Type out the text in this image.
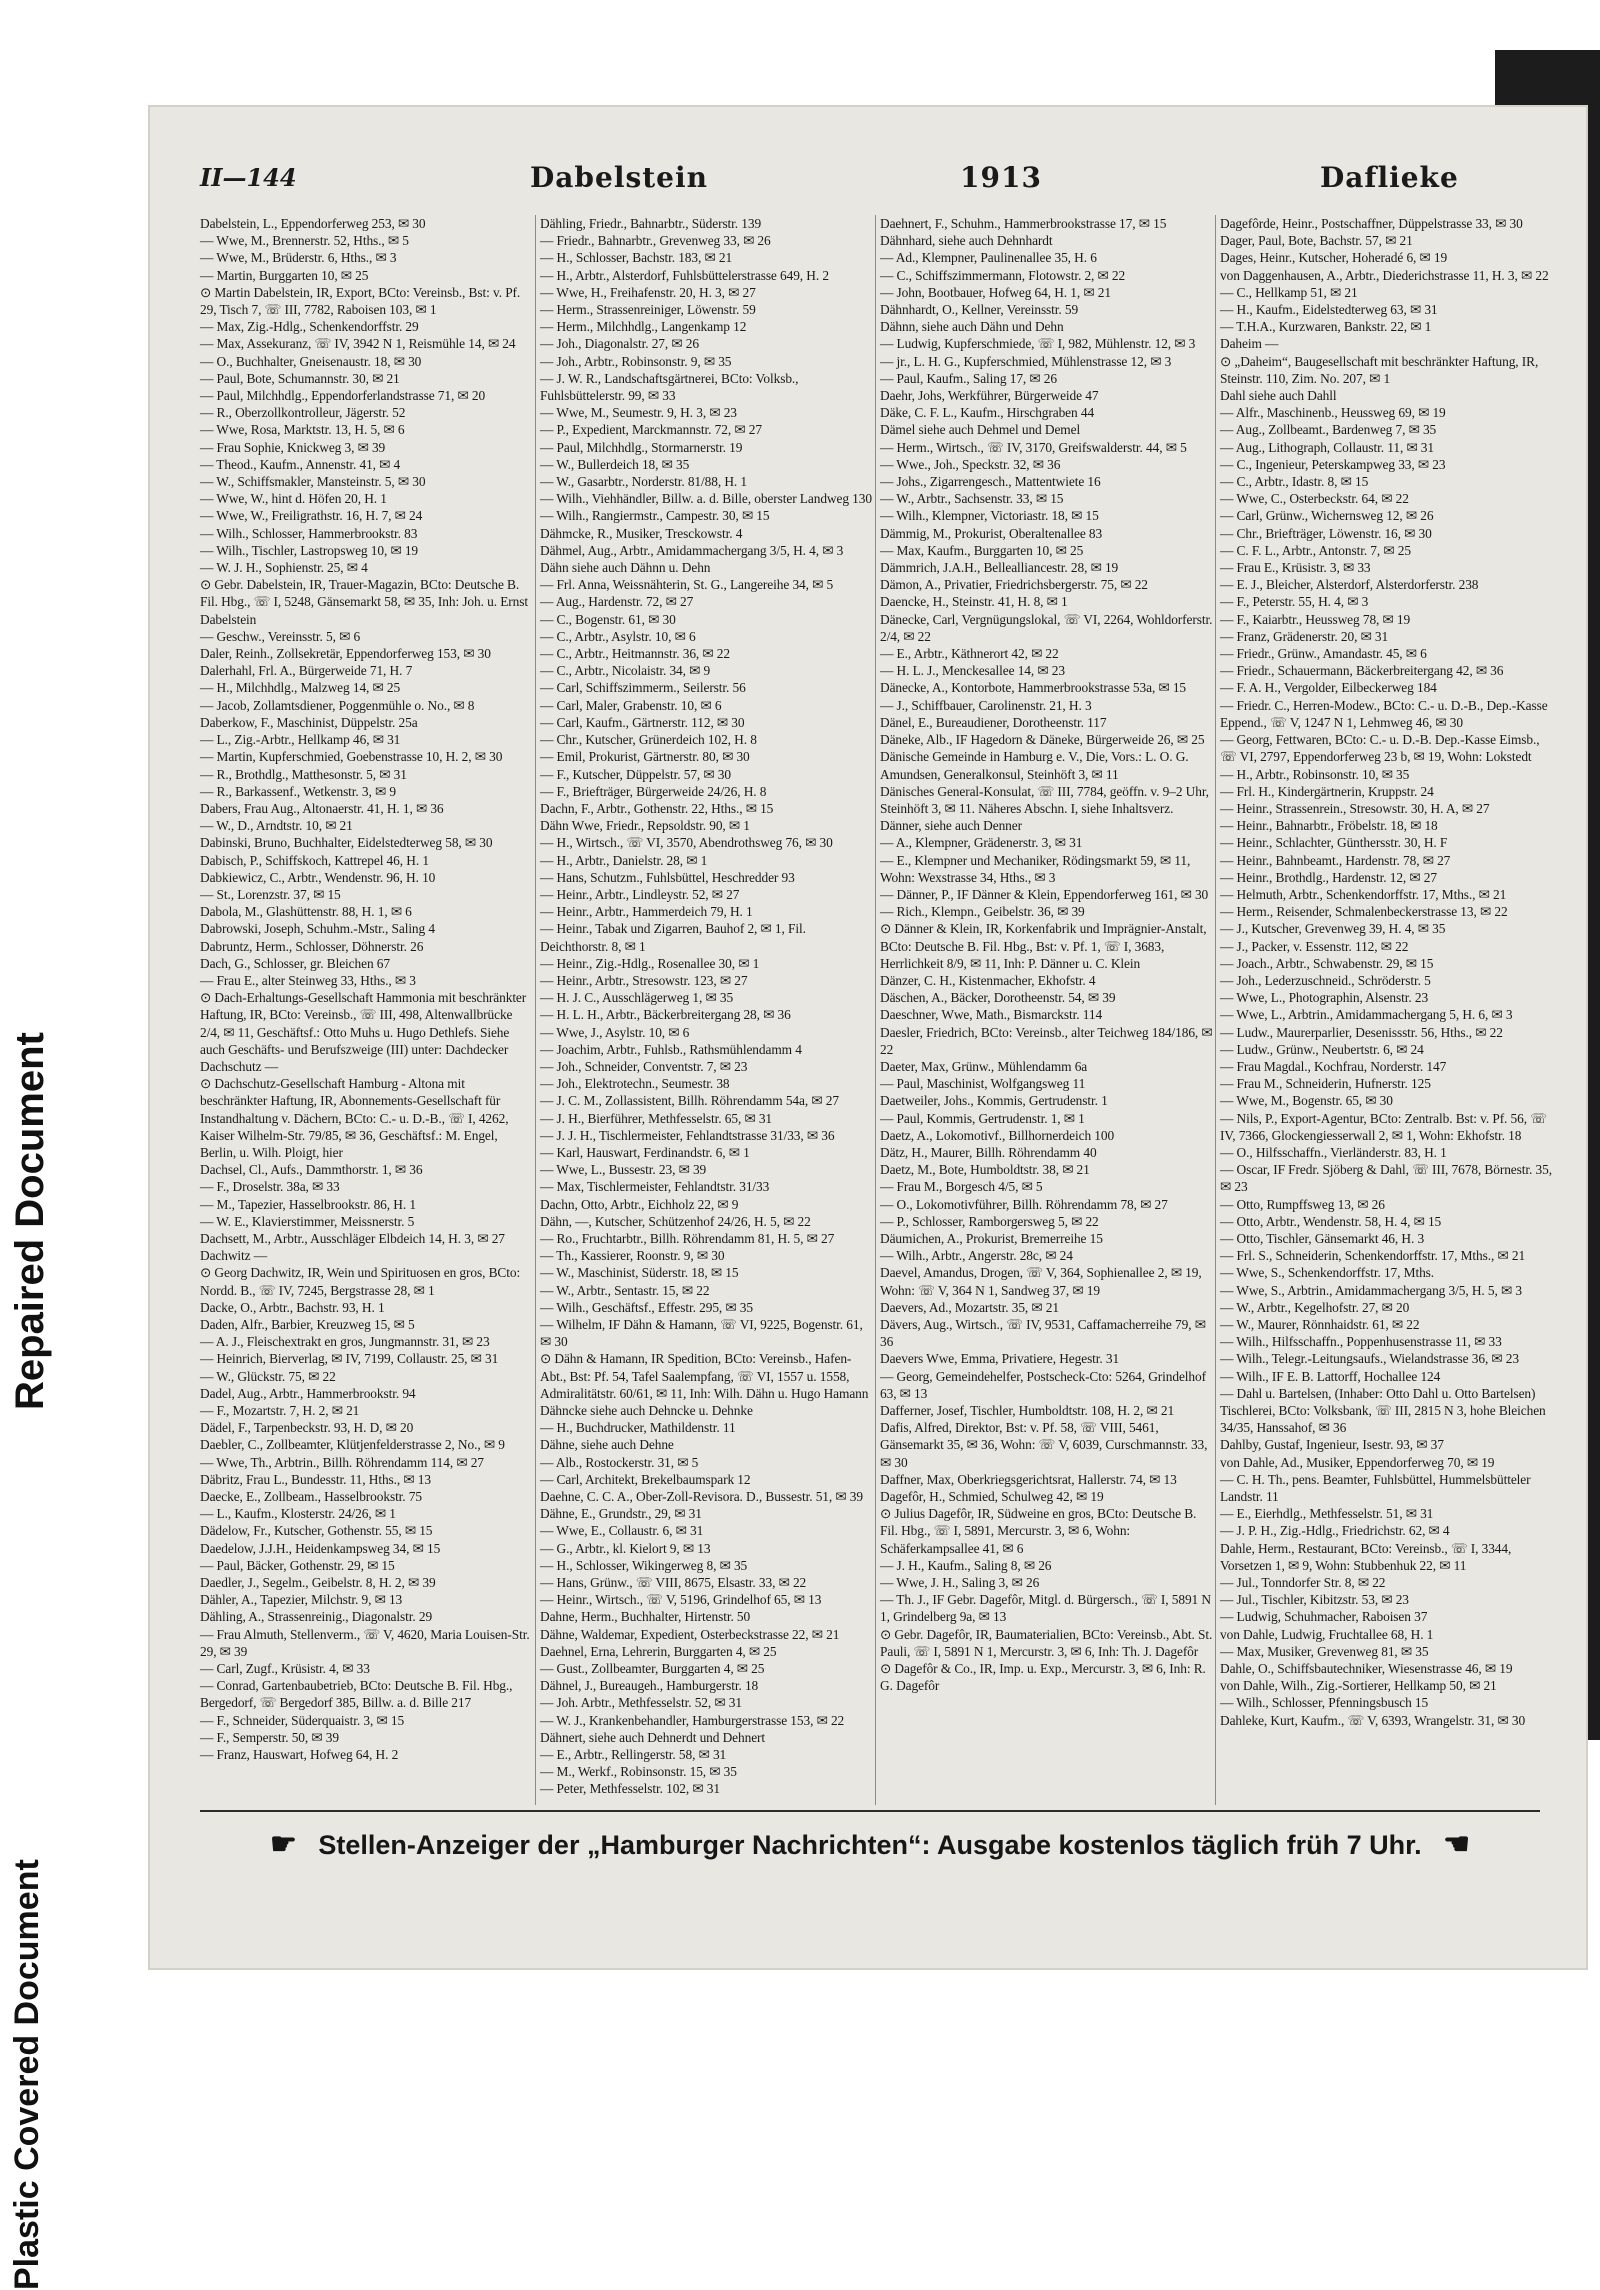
Repaired Document
Plastic Covered Document
II—144	Dabelstein	1913	Daflieke

Dabelstein, L., Eppendorferweg 253, ✉ 30

— Wwe, M., Brennerstr. 52, Hths., ✉ 5

— Wwe, M., Brüderstr. 6, Hths., ✉ 3

— Martin, Burggarten 10, ✉ 25

⊙ Martin Dabelstein, IR, Export, BCto: Vereinsb., Bst: v. Pf. 29, Tisch 7, ☏ III, 7782, Raboisen 103, ✉ 1

— Max, Zig.-Hdlg., Schenkendorffstr. 29

— Max, Assekuranz, ☏ IV, 3942 N 1, Reismühle 14, ✉ 24

— O., Buchhalter, Gneisenaustr. 18, ✉ 30

— Paul, Bote, Schumannstr. 30, ✉ 21

— Paul, Milchhdlg., Eppendorferlandstrasse 71, ✉ 20

— R., Oberzollkontrolleur, Jägerstr. 52

— Wwe, Rosa, Marktstr. 13, H. 5, ✉ 6

— Frau Sophie, Knickweg 3, ✉ 39

— Theod., Kaufm., Annenstr. 41, ✉ 4

— W., Schiffsmakler, Mansteinstr. 5, ✉ 30

— Wwe, W., hint d. Höfen 20, H. 1

— Wwe, W., Freiligrathstr. 16, H. 7, ✉ 24

— Wilh., Schlosser, Hammerbrookstr. 83

— Wilh., Tischler, Lastropsweg 10, ✉ 19

— W. J. H., Sophienstr. 25, ✉ 4

⊙ Gebr. Dabelstein, IR, Trauer-Magazin, BCto: Deutsche B. Fil. Hbg., ☏ I, 5248, Gänsemarkt 58, ✉ 35, Inh: Joh. u. Ernst Dabelstein

— Geschw., Vereinsstr. 5, ✉ 6

Daler, Reinh., Zollsekretär, Eppendorferweg 153, ✉ 30

Dalerhahl, Frl. A., Bürgerweide 71, H. 7

— H., Milchhdlg., Malzweg 14, ✉ 25

— Jacob, Zollamtsdiener, Poggenmühle o. No., ✉ 8

Daberkow, F., Maschinist, Düppelstr. 25a

— L., Zig.-Arbtr., Hellkamp 46, ✉ 31

— Martin, Kupferschmied, Goebenstrasse 10, H. 2, ✉ 30

— R., Brothdlg., Matthesonstr. 5, ✉ 31

— R., Barkassenf., Wetkenstr. 3, ✉ 9

Dabers, Frau Aug., Altonaerstr. 41, H. 1, ✉ 36

— W., D., Arndtstr. 10, ✉ 21

Dabinski, Bruno, Buchhalter, Eidelstedterweg 58, ✉ 30

Dabisch, P., Schiffskoch, Kattrepel 46, H. 1

Dabkiewicz, C., Arbtr., Wendenstr. 96, H. 10

— St., Lorenzstr. 37, ✉ 15

Dabola, M., Glashüttenstr. 88, H. 1, ✉ 6

Dabrowski, Joseph, Schuhm.-Mstr., Saling 4

Dabruntz, Herm., Schlosser, Döhnerstr. 26

Dach, G., Schlosser, gr. Bleichen 67

— Frau E., alter Steinweg 33, Hths., ✉ 3

⊙ Dach-Erhaltungs-Gesellschaft Hammonia mit beschränkter Haftung, IR, BCto: Vereinsb., ☏ III, 498, Altenwallbrücke 2/4, ✉ 11, Geschäftsf.: Otto Muhs u. Hugo Dethlefs. Siehe auch Geschäfts- und Berufszweige (III) unter: Dachdecker

Dachschutz —

⊙ Dachschutz-Gesellschaft Hamburg - Altona mit beschränkter Haftung, IR, Abonnements-Gesellschaft für Instandhaltung v. Dächern, BCto: C.- u. D.-B., ☏ I, 4262, Kaiser Wilhelm-Str. 79/85, ✉ 36, Geschäftsf.: M. Engel, Berlin, u. Wilh. Ploigt, hier

Dachsel, Cl., Aufs., Dammthorstr. 1, ✉ 36

— F., Droselstr. 38a, ✉ 33

— M., Tapezier, Hasselbrookstr. 86, H. 1

— W. E., Klavierstimmer, Meissnerstr. 5

Dachsett, M., Arbtr., Ausschläger Elbdeich 14, H. 3, ✉ 27

Dachwitz —

⊙ Georg Dachwitz, IR, Wein und Spirituosen en gros, BCto: Nordd. B., ☏ IV, 7245, Bergstrasse 28, ✉ 1

Dacke, O., Arbtr., Bachstr. 93, H. 1

Daden, Alfr., Barbier, Kreuzweg 15, ✉ 5

— A. J., Fleischextrakt en gros, Jungmannstr. 31, ✉ 23

— Heinrich, Bierverlag, ✉ IV, 7199, Collaustr. 25, ✉ 31

— W., Glückstr. 75, ✉ 22

Dadel, Aug., Arbtr., Hammerbrookstr. 94

— F., Mozartstr. 7, H. 2, ✉ 21

Dädel, F., Tarpenbeckstr. 93, H. D, ✉ 20

Daebler, C., Zollbeamter, Klütjenfelderstrasse 2, No., ✉ 9

— Wwe, Th., Arbtrin., Billh. Röhrendamm 114, ✉ 27

Däbritz, Frau L., Bundesstr. 11, Hths., ✉ 13

Daecke, E., Zollbeam., Hasselbrookstr. 75

— L., Kaufm., Klosterstr. 24/26, ✉ 1

Dädelow, Fr., Kutscher, Gothenstr. 55, ✉ 15

Daedelow, J.J.H., Heidenkampsweg 34, ✉ 15

— Paul, Bäcker, Gothenstr. 29, ✉ 15

Daedler, J., Segelm., Geibelstr. 8, H. 2, ✉ 39

Dähler, A., Tapezier, Milchstr. 9, ✉ 13

Dähling, A., Strassenreinig., Diagonalstr. 29

— Frau Almuth, Stellenverm., ☏ V, 4620, Maria Louisen-Str. 29, ✉ 39

— Carl, Zugf., Krüsistr. 4, ✉ 33

— Conrad, Gartenbaubetrieb, BCto: Deutsche B. Fil. Hbg., Bergedorf, ☏ Bergedorf 385, Billw. a. d. Bille 217

— F., Schneider, Süderquaistr. 3, ✉ 15

— F., Semperstr. 50, ✉ 39

— Franz, Hauswart, Hofweg 64, H. 2

Dähling, Friedr., Bahnarbtr., Süderstr. 139

— Friedr., Bahnarbtr., Grevenweg 33, ✉ 26

— H., Schlosser, Bachstr. 183, ✉ 21

— H., Arbtr., Alsterdorf, Fuhlsbüttelerstrasse 649, H. 2

— Wwe, H., Freihafenstr. 20, H. 3, ✉ 27

— Herm., Strassenreiniger, Löwenstr. 59

— Herm., Milchhdlg., Langenkamp 12

— Joh., Diagonalstr. 27, ✉ 26

— Joh., Arbtr., Robinsonstr. 9, ✉ 35

— J. W. R., Landschaftsgärtnerei, BCto: Volksb., Fuhlsbüttelerstr. 99, ✉ 33

— Wwe, M., Seumestr. 9, H. 3, ✉ 23

— P., Expedient, Marckmannstr. 72, ✉ 27

— Paul, Milchhdlg., Stormarnerstr. 19

— W., Bullerdeich 18, ✉ 35

— W., Gasarbtr., Norderstr. 81/88, H. 1

— Wilh., Viehhändler, Billw. a. d. Bille, oberster Landweg 130

— Wilh., Rangiermstr., Campestr. 30, ✉ 15

Dähmcke, R., Musiker, Tresckowstr. 4

Dähmel, Aug., Arbtr., Amidammachergang 3/5, H. 4, ✉ 3

Dähn siehe auch Dähnn u. Dehn

— Frl. Anna, Weissnähterin, St. G., Langereihe 34, ✉ 5

— Aug., Hardenstr. 72, ✉ 27

— C., Bogenstr. 61, ✉ 30

— C., Arbtr., Asylstr. 10, ✉ 6

— C., Arbtr., Heitmannstr. 36, ✉ 22

— C., Arbtr., Nicolaistr. 34, ✉ 9

— Carl, Schiffszimmerm., Seilerstr. 56

— Carl, Maler, Grabenstr. 10, ✉ 6

— Carl, Kaufm., Gärtnerstr. 112, ✉ 30

— Chr., Kutscher, Grünerdeich 102, H. 8

— Emil, Prokurist, Gärtnerstr. 80, ✉ 30

— F., Kutscher, Düppelstr. 57, ✉ 30

— F., Briefträger, Bürgerweide 24/26, H. 8

Dachn, F., Arbtr., Gothenstr. 22, Hths., ✉ 15

Dähn Wwe, Friedr., Repsoldstr. 90, ✉ 1

— H., Wirtsch., ☏ VI, 3570, Abendrothsweg 76, ✉ 30

— H., Arbtr., Danielstr. 28, ✉ 1

— Hans, Schutzm., Fuhlsbüttel, Heschredder 93

— Heinr., Arbtr., Lindleystr. 52, ✉ 27

— Heinr., Arbtr., Hammerdeich 79, H. 1

— Heinr., Tabak und Zigarren, Bauhof 2, ✉ 1, Fil. Deichthorstr. 8, ✉ 1

— Heinr., Zig.-Hdlg., Rosenallee 30, ✉ 1

— Heinr., Arbtr., Stresowstr. 123, ✉ 27

— H. J. C., Ausschlägerweg 1, ✉ 35

— H. L. H., Arbtr., Bäckerbreitergang 28, ✉ 36

— Wwe, J., Asylstr. 10, ✉ 6

— Joachim, Arbtr., Fuhlsb., Rathsmühlendamm 4

— Joh., Schneider, Conventstr. 7, ✉ 23

— Joh., Elektrotechn., Seumestr. 38

— J. C. M., Zollassistent, Billh. Röhrendamm 54a, ✉ 27

— J. H., Bierführer, Methfesselstr. 65, ✉ 31

— J. J. H., Tischlermeister, Fehlandtstrasse 31/33, ✉ 36

— Karl, Hauswart, Ferdinandstr. 6, ✉ 1

— Wwe, L., Bussestr. 23, ✉ 39

— Max, Tischlermeister, Fehlandtstr. 31/33

Dachn, Otto, Arbtr., Eichholz 22, ✉ 9

Dähn, —, Kutscher, Schützenhof 24/26, H. 5, ✉ 22

— Ro., Fruchtarbtr., Billh. Röhrendamm 81, H. 5, ✉ 27

— Th., Kassierer, Roonstr. 9, ✉ 30

— W., Maschinist, Süderstr. 18, ✉ 15

— W., Arbtr., Sentastr. 15, ✉ 22

— Wilh., Geschäftsf., Effestr. 295, ✉ 35

— Wilhelm, IF Dähn & Hamann, ☏ VI, 9225, Bogenstr. 61, ✉ 30

⊙ Dähn & Hamann, IR Spedition, BCto: Vereinsb., Hafen-Abt., Bst: Pf. 54, Tafel Saalempfang, ☏ VI, 1557 u. 1558, Admiralitätstr. 60/61, ✉ 11, Inh: Wilh. Dähn u. Hugo Hamann

Dähncke siehe auch Dehncke u. Dehnke

— H., Buchdrucker, Mathildenstr. 11

Dähne, siehe auch Dehne

— Alb., Rostockerstr. 31, ✉ 5

— Carl, Architekt, Brekelbaumspark 12

Daehne, C. C. A., Ober-Zoll-Revisora. D., Bussestr. 51, ✉ 39

Dähne, E., Grundstr., 29, ✉ 31

— Wwe, E., Collaustr. 6, ✉ 31

— G., Arbtr., kl. Kielort 9, ✉ 13

— H., Schlosser, Wikingerweg 8, ✉ 35

— Hans, Grünw., ☏ VIII, 8675, Elsastr. 33, ✉ 22

— Heinr., Wirtsch., ☏ V, 5196, Grindelhof 65, ✉ 13

Dahne, Herm., Buchhalter, Hirtenstr. 50

Dähne, Waldemar, Expedient, Osterbeckstrasse 22, ✉ 21

Daehnel, Erna, Lehrerin, Burggarten 4, ✉ 25

— Gust., Zollbeamter, Burggarten 4, ✉ 25

Dähnel, J., Bureaugeh., Hamburgerstr. 18

— Joh. Arbtr., Methfesselstr. 52, ✉ 31

— W. J., Krankenbehandler, Hamburgerstrasse 153, ✉ 22

Dähnert, siehe auch Dehnerdt und Dehnert

— E., Arbtr., Rellingerstr. 58, ✉ 31

— M., Werkf., Robinsonstr. 15, ✉ 35

— Peter, Methfesselstr. 102, ✉ 31

Daehnert, F., Schuhm., Hammerbrookstrasse 17, ✉ 15

Dähnhard, siehe auch Dehnhardt

— Ad., Klempner, Paulinenallee 35, H. 6

— C., Schiffszimmermann, Flotowstr. 2, ✉ 22

— John, Bootbauer, Hofweg 64, H. 1, ✉ 21

Dähnhardt, O., Kellner, Vereinsstr. 59

Dähnn, siehe auch Dähn und Dehn

— Ludwig, Kupferschmiede, ☏ I, 982, Mühlenstr. 12, ✉ 3

— jr., L. H. G., Kupferschmied, Mühlenstrasse 12, ✉ 3

— Paul, Kaufm., Saling 17, ✉ 26

Daehr, Johs, Werkführer, Bürgerweide 47

Däke, C. F. L., Kaufm., Hirschgraben 44

Dämel siehe auch Dehmel und Demel

— Herm., Wirtsch., ☏ IV, 3170, Greifswalderstr. 44, ✉ 5

— Wwe., Joh., Speckstr. 32, ✉ 36

— Johs., Zigarrengesch., Mattentwiete 16

— W., Arbtr., Sachsenstr. 33, ✉ 15

— Wilh., Klempner, Victoriastr. 18, ✉ 15

Dämmig, M., Prokurist, Oberaltenallee 83

— Max, Kaufm., Burggarten 10, ✉ 25

Dämmrich, J.A.H., Bellealliancestr. 28, ✉ 19

Dämon, A., Privatier, Friedrichsbergerstr. 75, ✉ 22

Daencke, H., Steinstr. 41, H. 8, ✉ 1

Dänecke, Carl, Vergnügungslokal, ☏ VI, 2264, Wohldorferstr. 2/4, ✉ 22

— E., Arbtr., Käthnerort 42, ✉ 22

— H. L. J., Menckesallee 14, ✉ 23

Dänecke, A., Kontorbote, Hammerbrookstrasse 53a, ✉ 15

— J., Schiffbauer, Carolinenstr. 21, H. 3

Dänel, E., Bureaudiener, Dorotheenstr. 117

Däneke, Alb., IF Hagedorn & Däneke, Bürgerweide 26, ✉ 25

Dänische Gemeinde in Hamburg e. V., Die, Vors.: L. O. G. Amundsen, Generalkonsul, Steinhöft 3, ✉ 11

Dänisches General-Konsulat, ☏ III, 7784, geöffn. v. 9–2 Uhr, Steinhöft 3, ✉ 11. Näheres Abschn. I, siehe Inhaltsverz.

Dänner, siehe auch Denner

— A., Klempner, Grädenerstr. 3, ✉ 31

— E., Klempner und Mechaniker, Rödingsmarkt 59, ✉ 11, Wohn: Wexstrasse 34, Hths., ✉ 3

— Dänner, P., IF Dänner & Klein, Eppendorferweg 161, ✉ 30

— Rich., Klempn., Geibelstr. 36, ✉ 39

⊙ Dänner & Klein, IR, Korkenfabrik und Imprägnier-Anstalt, BCto: Deutsche B. Fil. Hbg., Bst: v. Pf. 1, ☏ I, 3683, Herrlichkeit 8/9, ✉ 11, Inh: P. Dänner u. C. Klein

Dänzer, C. H., Kistenmacher, Ekhofstr. 4

Däschen, A., Bäcker, Dorotheenstr. 54, ✉ 39

Daeschner, Wwe, Math., Bismarckstr. 114

Daesler, Friedrich, BCto: Vereinsb., alter Teichweg 184/186, ✉ 22

Daeter, Max, Grünw., Mühlendamm 6a

— Paul, Maschinist, Wolfgangsweg 11

Daetweiler, Johs., Kommis, Gertrudenstr. 1

— Paul, Kommis, Gertrudenstr. 1, ✉ 1

Daetz, A., Lokomotivf., Billhornerdeich 100

Dätz, H., Maurer, Billh. Röhrendamm 40

Daetz, M., Bote, Humboldtstr. 38, ✉ 21

— Frau M., Borgesch 4/5, ✉ 5

— O., Lokomotivführer, Billh. Röhrendamm 78, ✉ 27

— P., Schlosser, Ramborgersweg 5, ✉ 22

Däumichen, A., Prokurist, Bremerreihe 15

— Wilh., Arbtr., Angerstr. 28c, ✉ 24

Daevel, Amandus, Drogen, ☏ V, 364, Sophienallee 2, ✉ 19, Wohn: ☏ V, 364 N 1, Sandweg 37, ✉ 19

Daevers, Ad., Mozartstr. 35, ✉ 21

Dävers, Aug., Wirtsch., ☏ IV, 9531, Caffamacherreihe 79, ✉ 36

Daevers Wwe, Emma, Privatiere, Hegestr. 31

— Georg, Gemeindehelfer, Postscheck-Cto: 5264, Grindelhof 63, ✉ 13

Dafferner, Josef, Tischler, Humboldtstr. 108, H. 2, ✉ 21

Dafis, Alfred, Direktor, Bst: v. Pf. 58, ☏ VIII, 5461, Gänsemarkt 35, ✉ 36, Wohn: ☏ V, 6039, Curschmannstr. 33, ✉ 30

Daffner, Max, Oberkriegsgerichtsrat, Hallerstr. 74, ✉ 13

Dagefôr, H., Schmied, Schulweg 42, ✉ 19

⊙ Julius Dagefôr, IR, Südweine en gros, BCto: Deutsche B. Fil. Hbg., ☏ I, 5891, Mercurstr. 3, ✉ 6, Wohn: Schäferkampsallee 41, ✉ 6

— J. H., Kaufm., Saling 8, ✉ 26

— Wwe, J. H., Saling 3, ✉ 26

— Th. J., IF Gebr. Dagefôr, Mitgl. d. Bürgersch., ☏ I, 5891 N 1, Grindelberg 9a, ✉ 13

⊙ Gebr. Dagefôr, IR, Baumaterialien, BCto: Vereinsb., Abt. St. Pauli, ☏ I, 5891 N 1, Mercurstr. 3, ✉ 6, Inh: Th. J. Dagefôr

⊙ Dagefôr & Co., IR, Imp. u. Exp., Mercurstr. 3, ✉ 6, Inh: R. G. Dagefôr

Dagefôrde, Heinr., Postschaffner, Düppelstrasse 33, ✉ 30

Dager, Paul, Bote, Bachstr. 57, ✉ 21

Dages, Heinr., Kutscher, Hoheradé 6, ✉ 19

von Daggenhausen, A., Arbtr., Diederichstrasse 11, H. 3, ✉ 22

— C., Hellkamp 51, ✉ 21

— H., Kaufm., Eidelstedterweg 63, ✉ 31

— T.H.A., Kurzwaren, Bankstr. 22, ✉ 1

Daheim —

⊙ „Daheim“, Baugesellschaft mit beschränkter Haftung, IR, Steinstr. 110, Zim. No. 207, ✉ 1

Dahl siehe auch Dahll

— Alfr., Maschinenb., Heussweg 69, ✉ 19

— Aug., Zollbeamt., Bardenweg 7, ✉ 35

— Aug., Lithograph, Collaustr. 11, ✉ 31

— C., Ingenieur, Peterskampweg 33, ✉ 23

— C., Arbtr., Idastr. 8, ✉ 15

— Wwe, C., Osterbeckstr. 64, ✉ 22

— Carl, Grünw., Wichernsweg 12, ✉ 26

— Chr., Briefträger, Löwenstr. 16, ✉ 30

— C. F. L., Arbtr., Antonstr. 7, ✉ 25

— Frau E., Krüsistr. 3, ✉ 33

— E. J., Bleicher, Alsterdorf, Alsterdorferstr. 238

— F., Peterstr. 55, H. 4, ✉ 3

— F., Kaiarbtr., Heussweg 78, ✉ 19

— Franz, Grädenerstr. 20, ✉ 31

— Friedr., Grünw., Amandastr. 45, ✉ 6

— Friedr., Schauermann, Bäckerbreitergang 42, ✉ 36

— F. A. H., Vergolder, Eilbeckerweg 184

— Friedr. C., Herren-Modew., BCto: C.- u. D.-B., Dep.-Kasse Eppend., ☏ V, 1247 N 1, Lehmweg 46, ✉ 30

— Georg, Fettwaren, BCto: C.- u. D.-B. Dep.-Kasse Eimsb., ☏ VI, 2797, Eppendorferweg 23 b, ✉ 19, Wohn: Lokstedt

— H., Arbtr., Robinsonstr. 10, ✉ 35

— Frl. H., Kindergärtnerin, Kruppstr. 24

— Heinr., Strassenrein., Stresowstr. 30, H. A, ✉ 27

— Heinr., Bahnarbtr., Fröbelstr. 18, ✉ 18

— Heinr., Schlachter, Günthersstr. 30, H. F

— Heinr., Bahnbeamt., Hardenstr. 78, ✉ 27

— Heinr., Brothdlg., Hardenstr. 12, ✉ 27

— Helmuth, Arbtr., Schenkendorffstr. 17, Mths., ✉ 21

— Herm., Reisender, Schmalenbeckerstrasse 13, ✉ 22

— J., Kutscher, Grevenweg 39, H. 4, ✉ 35

— J., Packer, v. Essenstr. 112, ✉ 22

— Joach., Arbtr., Schwabenstr. 29, ✉ 15

— Joh., Lederzuschneid., Schröderstr. 5

— Wwe, L., Photographin, Alsenstr. 23

— Wwe, L., Arbtrin., Amidammachergang 5, H. 6, ✉ 3

— Ludw., Maurerparlier, Desenissstr. 56, Hths., ✉ 22

— Ludw., Grünw., Neubertstr. 6, ✉ 24

— Frau Magdal., Kochfrau, Norderstr. 147

— Frau M., Schneiderin, Hufnerstr. 125

— Wwe, M., Bogenstr. 65, ✉ 30

— Nils, P., Export-Agentur, BCto: Zentralb. Bst: v. Pf. 56, ☏ IV, 7366, Glockengiesserwall 2, ✉ 1, Wohn: Ekhofstr. 18

— O., Hilfsschaffn., Vierländerstr. 83, H. 1

— Oscar, IF Fredr. Sjöberg & Dahl, ☏ III, 7678, Börnestr. 35, ✉ 23

— Otto, Rumpffsweg 13, ✉ 26

— Otto, Arbtr., Wendenstr. 58, H. 4, ✉ 15

— Otto, Tischler, Gänsemarkt 46, H. 3

— Frl. S., Schneiderin, Schenkendorffstr. 17, Mths., ✉ 21

— Wwe, S., Schenkendorffstr. 17, Mths.

— Wwe, S., Arbtrin., Amidammachergang 3/5, H. 5, ✉ 3

— W., Arbtr., Kegelhofstr. 27, ✉ 20

— W., Maurer, Rönnhaidstr. 61, ✉ 22

— Wilh., Hilfsschaffn., Poppenhusenstrasse 11, ✉ 33

— Wilh., Telegr.-Leitungsaufs., Wielandstrasse 36, ✉ 23

— Wilh., IF E. B. Lattorff, Hochallee 124

— Dahl u. Bartelsen, (Inhaber: Otto Dahl u. Otto Bartelsen) Tischlerei, BCto: Volksbank, ☏ III, 2815 N 3, hohe Bleichen 34/35, Hanssahof, ✉ 36

Dahlby, Gustaf, Ingenieur, Isestr. 93, ✉ 37

von Dahle, Ad., Musiker, Eppendorferweg 70, ✉ 19

— C. H. Th., pens. Beamter, Fuhlsbüttel, Hummelsbütteler Landstr. 11

— E., Eierhdlg., Methfesselstr. 51, ✉ 31

— J. P. H., Zig.-Hdlg., Friedrichstr. 62, ✉ 4

Dahle, Herm., Restaurant, BCto: Vereinsb., ☏ I, 3344, Vorsetzen 1, ✉ 9, Wohn: Stubbenhuk 22, ✉ 11

— Jul., Tonndorfer Str. 8, ✉ 22

— Jul., Tischler, Kibitzstr. 53, ✉ 23

— Ludwig, Schuhmacher, Raboisen 37

von Dahle, Ludwig, Fruchtallee 68, H. 1

— Max, Musiker, Grevenweg 81, ✉ 35

Dahle, O., Schiffsbautechniker, Wiesenstrasse 46, ✉ 19

von Dahle, Wilh., Zig.-Sortierer, Hellkamp 50, ✉ 21

— Wilh., Schlosser, Pfenningsbusch 15

Dahleke, Kurt, Kaufm., ☏ V, 6393, Wrangelstr. 31, ✉ 30

☛ Stellen-Anzeiger der „Hamburger Nachrichten“: Ausgabe kostenlos täglich früh 7 Uhr. ☚
